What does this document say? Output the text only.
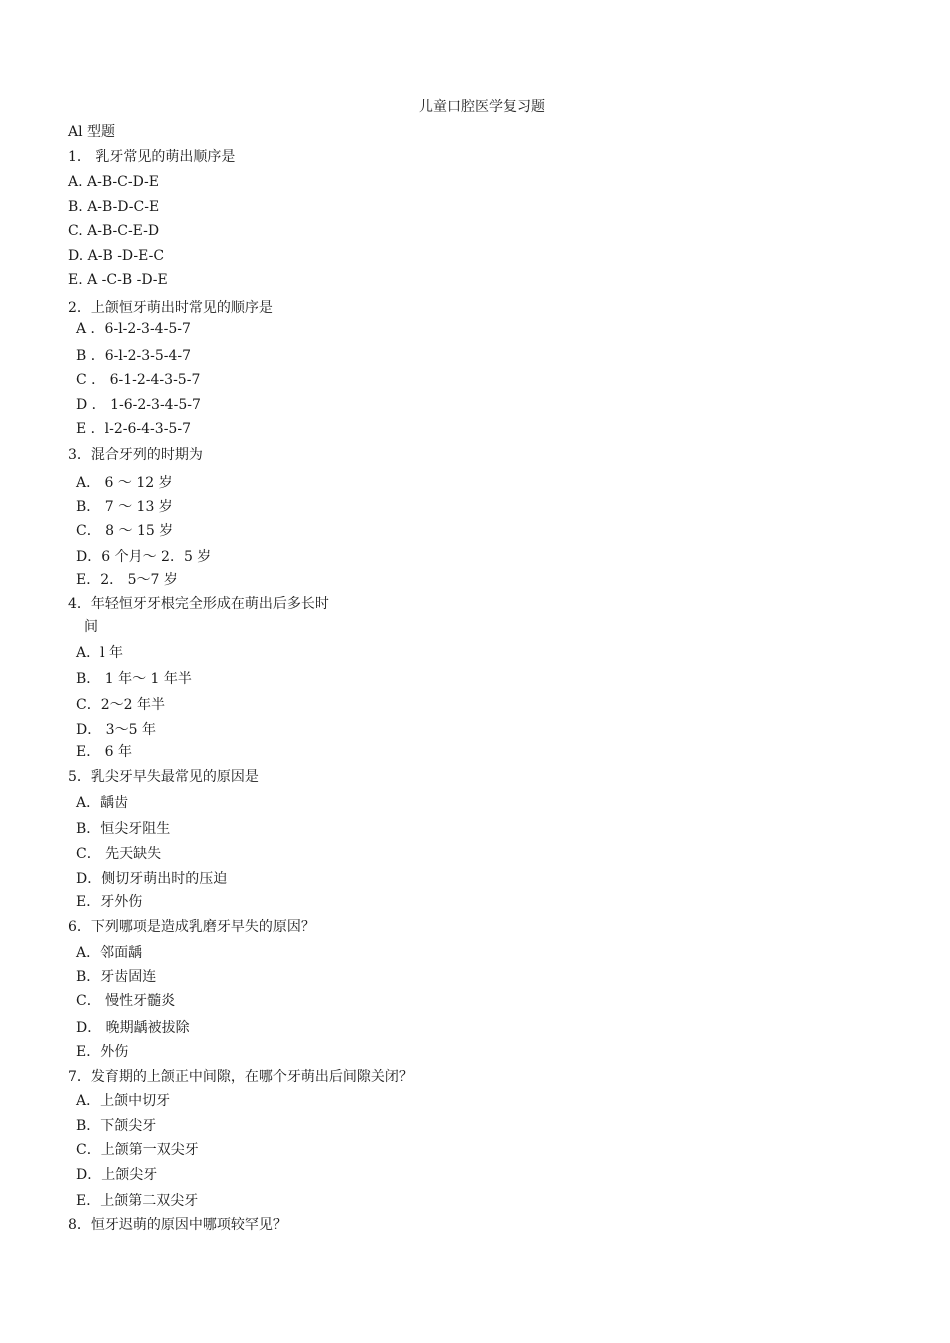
儿童口腔医学复习题
Al 型题
1． 乳牙常见的萌出顺序是
A. A-B-C-D-E
B. A-B-D-C-E
C. A-B-C-E-D
D. A-B -D-E-C
E. A -C-B -D-E
2．上颌恒牙萌出时常见的顺序是
A ．6-l-2-3-4-5-7
B ．6-l-2-3-5-4-7
C ． 6-1-2-4-3-5-7
D ． 1-6-2-3-4-5-7
E ．l-2-6-4-3-5-7
3．混合牙列的时期为
A． 6 ～ 12 岁
B． 7 ～ 13 岁
C． 8 ～ 15 岁
D．6 个月～ 2．5 岁
E．2． 5～7 岁
4．年轻恒牙牙根完全形成在萌出后多长时
间
A．l 年
B． 1 年～ 1 年半
C．2～2 年半
D． 3～5 年
E． 6 年
5．乳尖牙早失最常见的原因是
A．龋齿
B．恒尖牙阻生
C． 先天缺失
D．侧切牙萌出时的压迫
E．牙外伤
6．下列哪项是造成乳磨牙早失的原因？
A．邻面龋
B．牙齿固连
C． 慢性牙髓炎
D． 晚期龋被拔除
E．外伤
7．发育期的上颌正中间隙，在哪个牙萌出后间隙关闭？
A．上颌中切牙
B．下颌尖牙
C．上颌第一双尖牙
D．上颌尖牙
E．上颌第二双尖牙
8．恒牙迟萌的原因中哪项较罕见？
